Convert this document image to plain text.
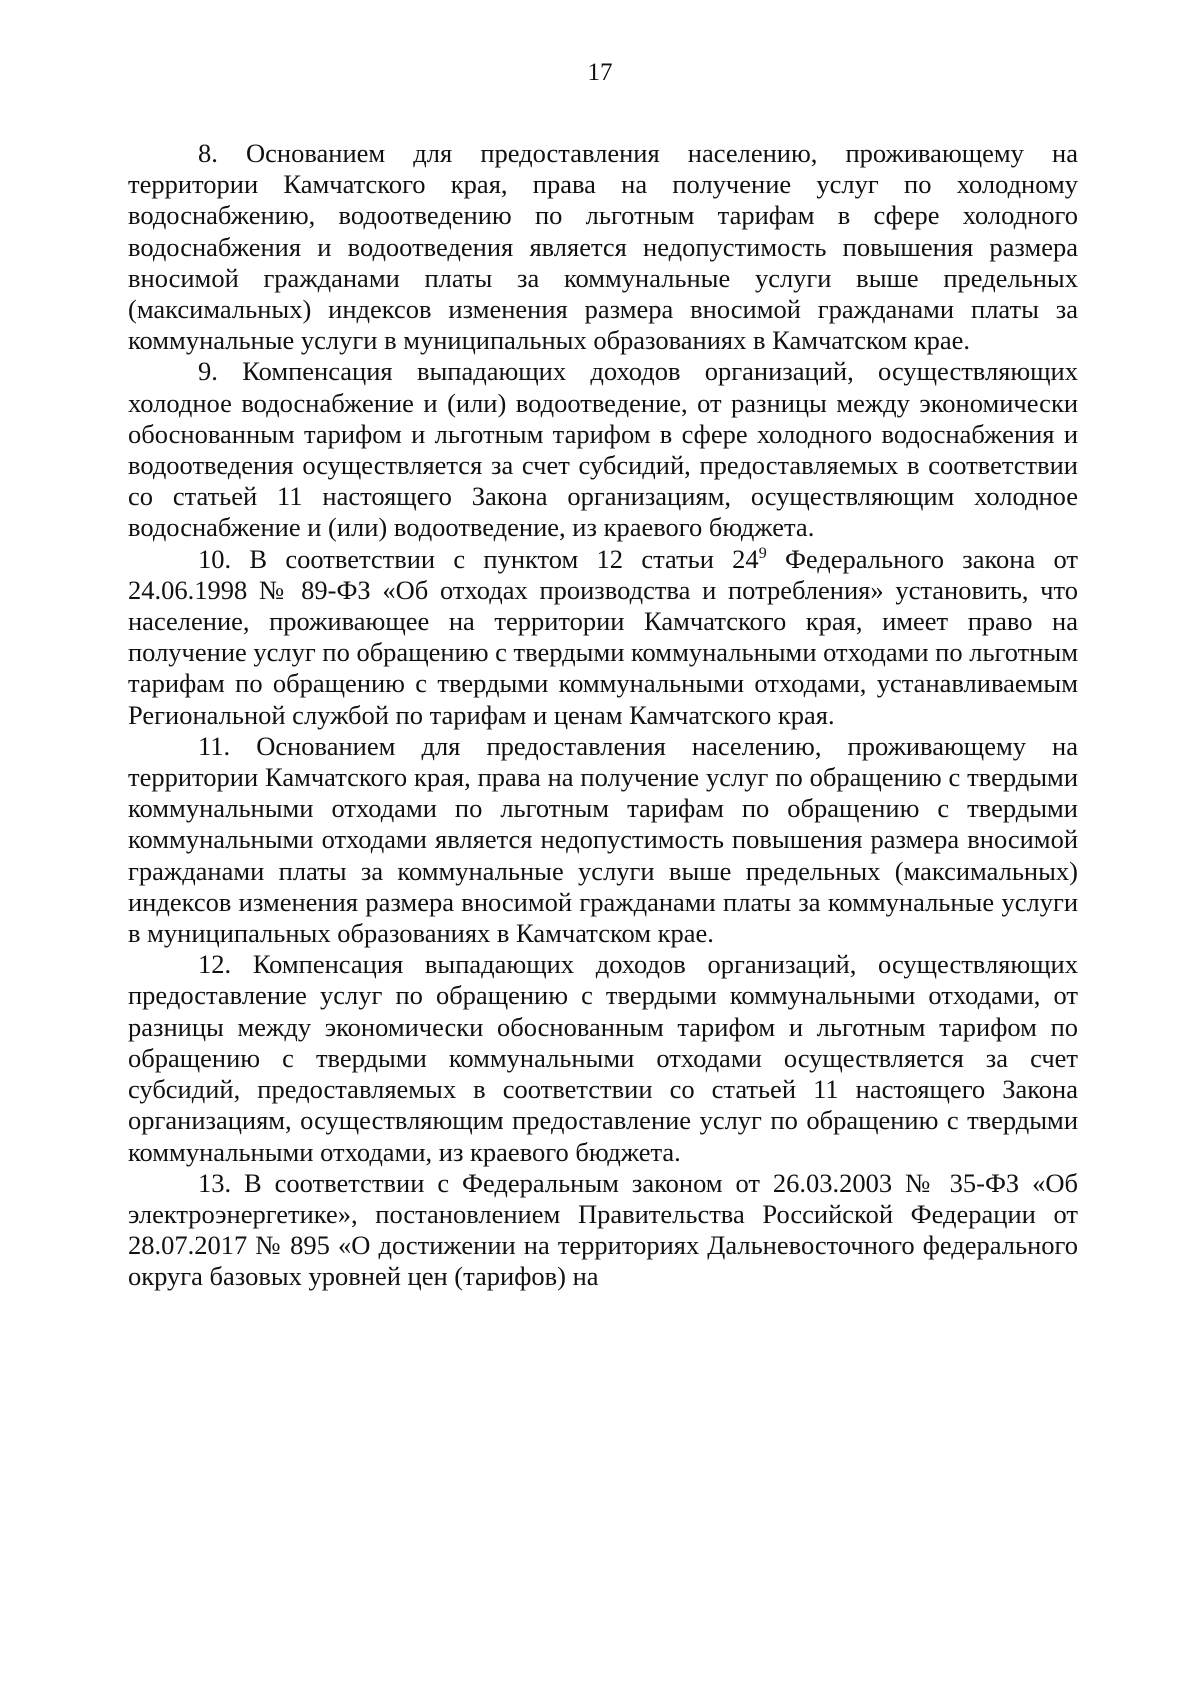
17

8. Основанием для предоставления населению, проживающему на территории Камчатского края, права на получение услуг по холодному водоснабжению, водоотведению по льготным тарифам в сфере холодного водоснабжения и водоотведения является недопустимость повышения размера вносимой гражданами платы за коммунальные услуги выше предельных (максимальных) индексов изменения размера вносимой гражданами платы за коммунальные услуги в муниципальных образованиях в Камчатском крае.

9. Компенсация выпадающих доходов организаций, осуществляющих холодное водоснабжение и (или) водоотведение, от разницы между экономически обоснованным тарифом и льготным тарифом в сфере холодного водоснабжения и водоотведения осуществляется за счет субсидий, предоставляемых в соответствии со статьей 11 настоящего Закона организациям, осуществляющим холодное водоснабжение и (или) водоотведение, из краевого бюджета.

10. В соответствии с пунктом 12 статьи $24^9$ Федерального закона от 24.06.1998 № 89-ФЗ «Об отходах производства и потребления» установить, что население, проживающее на территории Камчатского края, имеет право на получение услуг по обращению с твердыми коммунальными отходами по льготным тарифам по обращению с твердыми коммунальными отходами, устанавливаемым Региональной службой по тарифам и ценам Камчатского края.

11. Основанием для предоставления населению, проживающему на территории Камчатского края, права на получение услуг по обращению с твердыми коммунальными отходами по льготным тарифам по обращению с твердыми коммунальными отходами является недопустимость повышения размера вносимой гражданами платы за коммунальные услуги выше предельных (максимальных) индексов изменения размера вносимой гражданами платы за коммунальные услуги в муниципальных образованиях в Камчатском крае.

12. Компенсация выпадающих доходов организаций, осуществляющих предоставление услуг по обращению с твердыми коммунальными отходами, от разницы между экономически обоснованным тарифом и льготным тарифом по обращению с твердыми коммунальными отходами осуществляется за счет субсидий, предоставляемых в соответствии со статьей 11 настоящего Закона организациям, осуществляющим предоставление услуг по обращению с твердыми коммунальными отходами, из краевого бюджета.

13. В соответствии с Федеральным законом от 26.03.2003 № 35-ФЗ «Об электроэнергетике», постановлением Правительства Российской Федерации от 28.07.2017 № 895 «О достижении на территориях Дальневосточного федерального округа базовых уровней цен (тарифов) на
